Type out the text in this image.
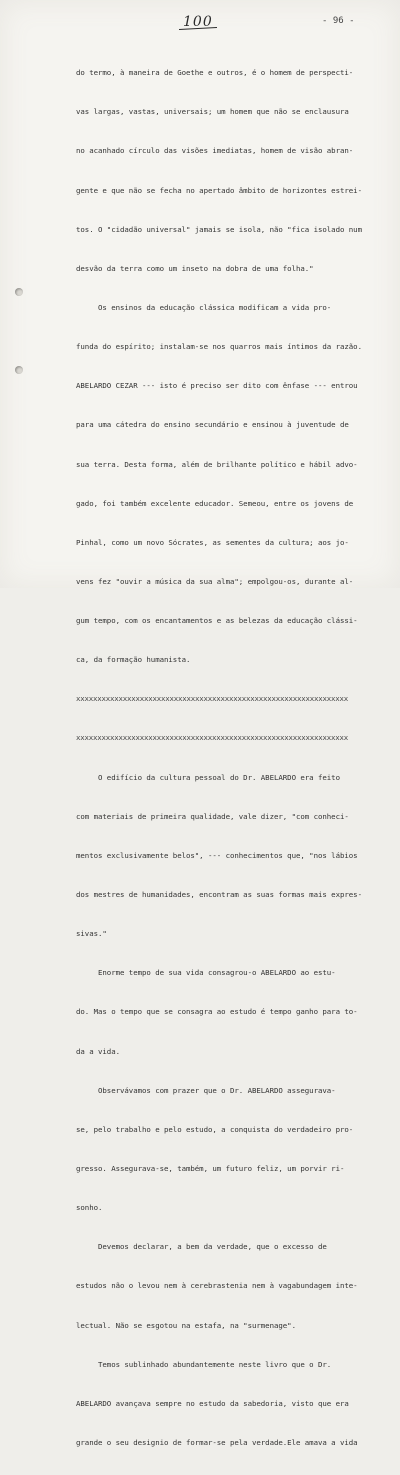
100	- 96 -

do termo, à maneira de Goethe e outros, é o homem de perspecti-

vas largas, vastas, universais; um homem que não se enclausura

no acanhado círculo das visões imediatas, homem de visão abran-

gente e que não se fecha no apertado âmbito de horizontes estrei-

tos. O "cidadão universal" jamais se isola, não "fica isolado num

desvão da terra como um inseto na dobra de uma folha."

Os ensinos da educação clássica modificam a vida pro-

funda do espírito; instalam-se nos quarros mais íntimos da razão.

ABELARDO CEZAR --- isto é preciso ser dito com ênfase --- entrou

para uma cátedra do ensino secundário e ensinou à juventude de

sua terra. Desta forma, além de brilhante político e hábil advo-

gado, foi também excelente educador. Semeou, entre os jovens de

Pinhal, como um novo Sócrates, as sementes da cultura; aos jo-

vens fez "ouvir a música da sua alma"; empolgou-os, durante al-

gum tempo, com os encantamentos e as belezas da educação clássi-

ca, da formação humanista.

xxxxxxxxxxxxxxxxxxxxxxxxxxxxxxxxxxxxxxxxxxxxxxxxxxxxxxxxxxxxxxxx

xxxxxxxxxxxxxxxxxxxxxxxxxxxxxxxxxxxxxxxxxxxxxxxxxxxxxxxxxxxxxxxx

O edifício da cultura pessoal do Dr. ABELARDO era feito

com materiais de primeira qualidade, vale dizer, "com conheci-

mentos exclusivamente belos", --- conhecimentos que, "nos lábios

dos mestres de humanidades, encontram as suas formas mais expres-

sivas."

Enorme tempo de sua vida consagrou-o ABELARDO ao estu-

do. Mas o tempo que se consagra ao estudo é tempo ganho para to-

da a vida.

Observávamos com prazer que o Dr. ABELARDO assegurava-

se, pelo trabalho e pelo estudo, a conquista do verdadeiro pro-

gresso. Assegurava-se, também, um futuro feliz, um porvir ri-

sonho.

Devemos declarar, a bem da verdade, que o excesso de

estudos não o levou nem à cerebrastenia nem à vagabundagem inte-

lectual. Não se esgotou na estafa, na "surmenage".

Temos sublinhado abundantemente neste livro que o Dr.

ABELARDO avançava sempre no estudo da sabedoria, visto que era

grande o seu designio de formar-se pela verdade.Ele amava a vida
